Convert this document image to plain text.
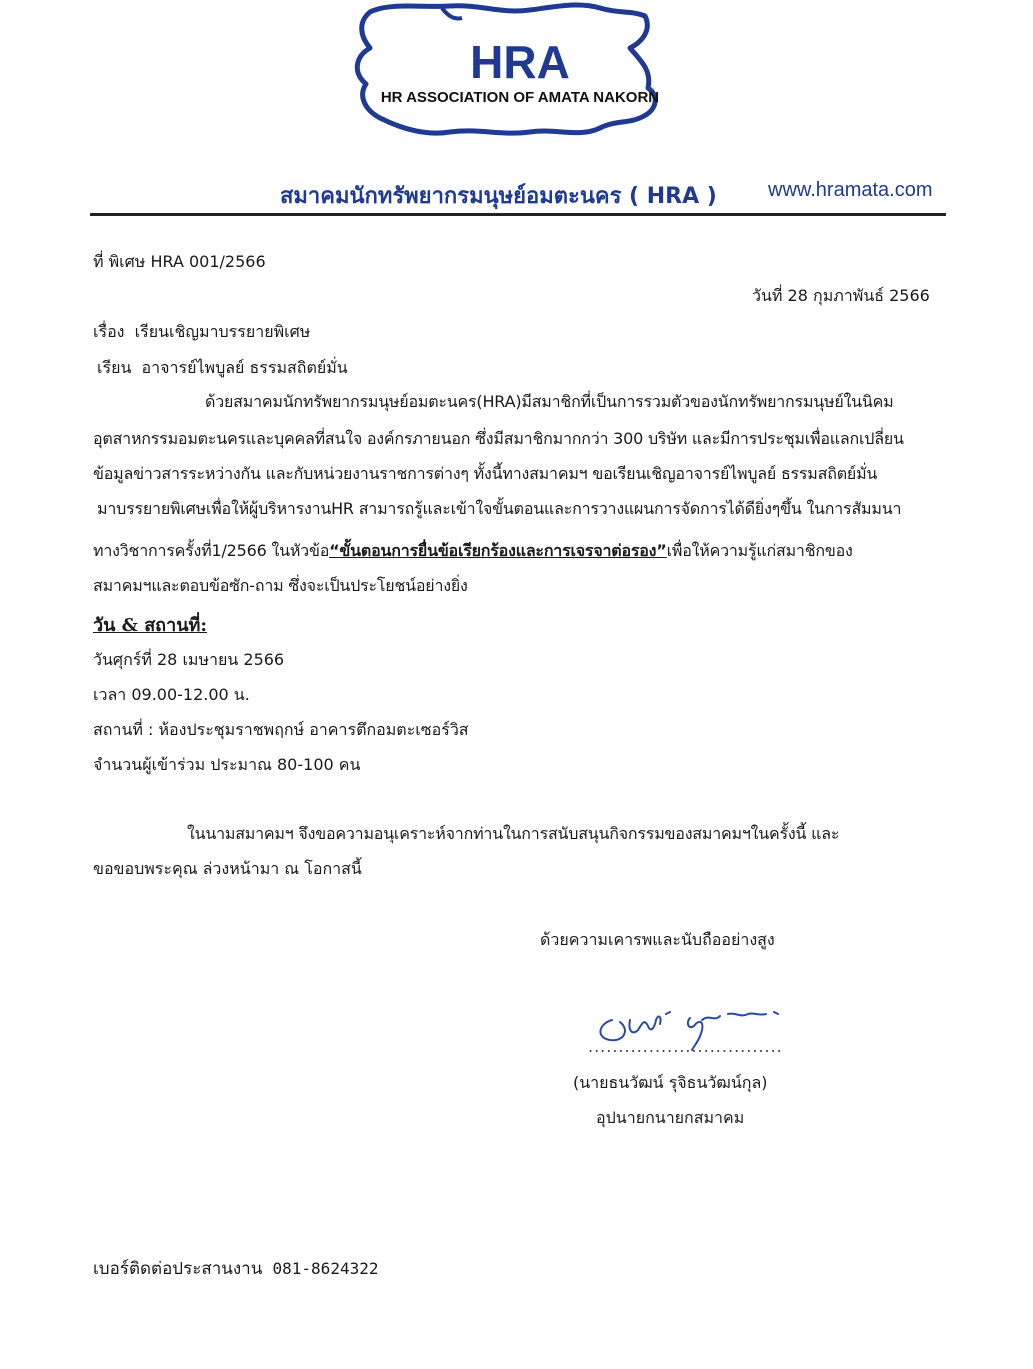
HRA
HR ASSOCIATION OF AMATA NAKORN
สมาคมนักทรัพยากรมนุษย์อมตะนคร ( HRA )	www.hramata.com
ที่ พิเศษ HRA 001/2566
วันที่ 28 กุมภาพันธ์ 2566
เรื่อง เรียนเชิญมาบรรยายพิเศษ
เรียน อาจารย์ไพบูลย์ ธรรมสถิตย์มั่น
ด้วยสมาคมนักทรัพยากรมนุษย์อมตะนคร(HRA)มีสมาชิกที่เป็นการรวมตัวของนักทรัพยากรมนุษย์ในนิคม
อุตสาหกรรมอมตะนครและบุคคลที่สนใจ องค์กรภายนอก ซึ่งมีสมาชิกมากกว่า 300 บริษัท และมีการประชุมเพื่อแลกเปลี่ยน
ข้อมูลข่าวสารระหว่างกัน และกับหน่วยงานราชการต่างๆ ทั้งนี้ทางสมาคมฯ ขอเรียนเชิญอาจารย์ไพบูลย์ ธรรมสถิตย์มั่น
มาบรรยายพิเศษเพื่อให้ผู้บริหารงานHR สามารถรู้และเข้าใจขั้นตอนและการวางแผนการจัดการได้ดียิ่งๆขึ้น ในการสัมมนา
ทางวิชาการครั้งที่1/2566 ในหัวข้อ“ขั้นตอนการยื่นข้อเรียกร้องและการเจรจาต่อรอง”เพื่อให้ความรู้แก่สมาชิกของ
สมาคมฯและตอบข้อซัก-ถาม ซึ่งจะเป็นประโยชน์อย่างยิ่ง
วัน & สถานที่:
วันศุกร์ที่ 28 เมษายน 2566
เวลา 09.00-12.00 น.
สถานที่ : ห้องประชุมราชพฤกษ์ อาคารตึกอมตะเซอร์วิส
จำนวนผู้เข้าร่วม ประมาณ 80-100 คน
ในนามสมาคมฯ จึงขอความอนุเคราะห์จากท่านในการสนับสนุนกิจกรรมของสมาคมฯในครั้งนี้ และ
ขอขอบพระคุณ ล่วงหน้ามา ณ โอกาสนี้
ด้วยความเคารพและนับถืออย่างสูง
................................
(นายธนวัฒน์ รุจิธนวัฒน์กุล)
อุปนายกนายกสมาคม
เบอร์ติดต่อประสานงาน 081-8624322
